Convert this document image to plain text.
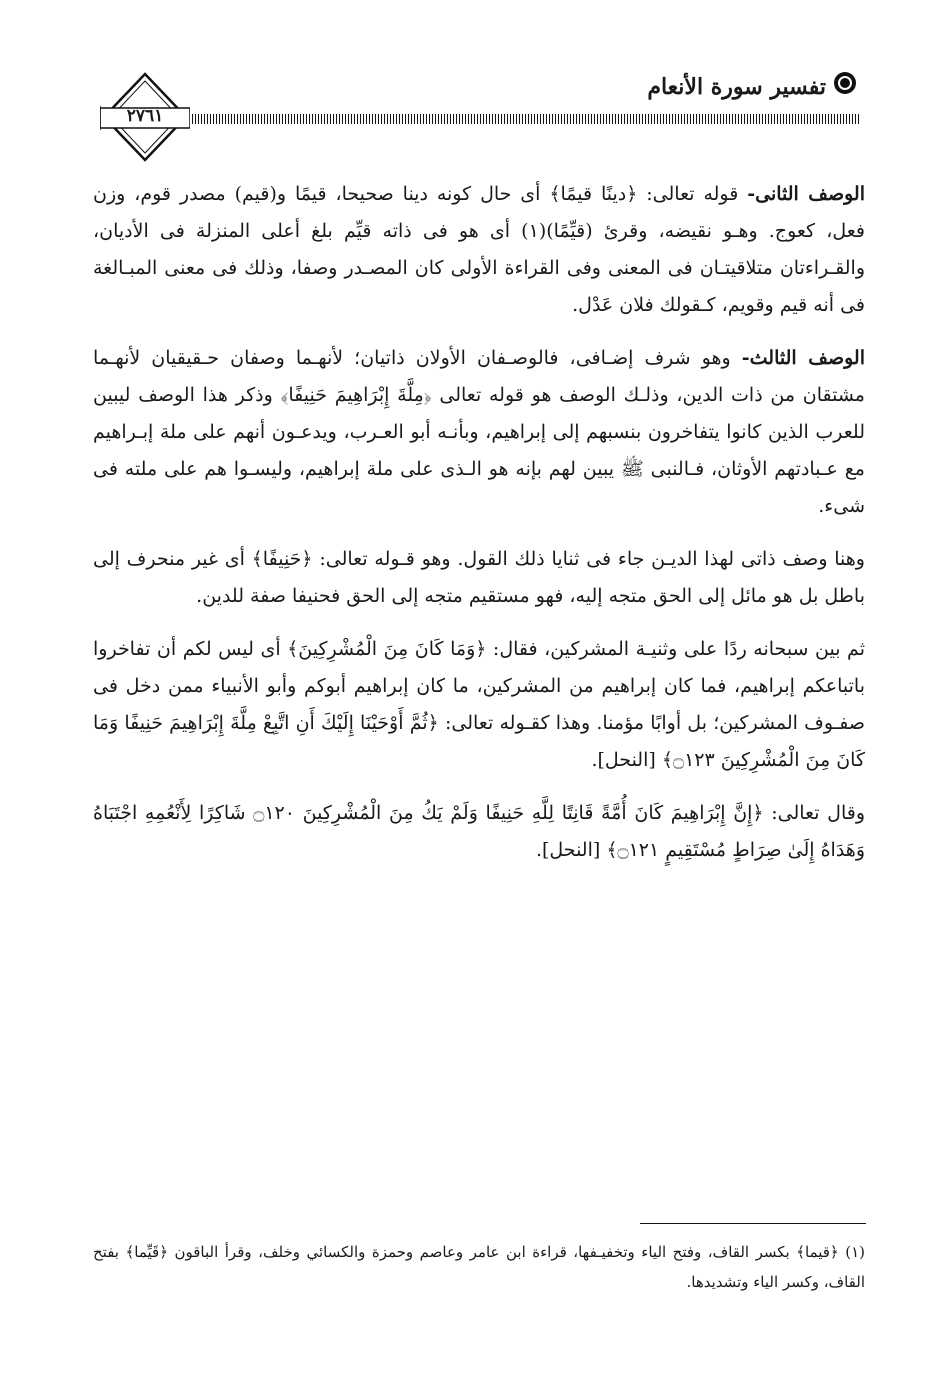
تفسير سورة الأنعام
٢٧٦١

الوصف الثانى- قوله تعالى: ﴿دينًا قيمًا﴾ أى حال كونه دينا صحيحا، قيمًا و(قيم) مصدر قوم، وزن فعل، كعوج. وهـو نقيضه، وقرئ (قيِّمًا)(١) أى هو فى ذاته قيِّم بلغ أعلى المنزلة فى الأديان، والقـراءتان متلاقيتـان فى المعنى وفى القراءة الأولى كان المصـدر وصفا، وذلك فى معنى المبـالغة فى أنه قيم وقويم، كـقولك فلان عَدْل.

الوصف الثالث- وهو شرف إضـافى، فالوصـفان الأولان ذاتيان؛ لأنهـما وصفان حـقيقيان لأنهـما مشتقان من ذات الدين، وذلـك الوصف هو قوله تعالى ﴿مِلَّةَ إِبْرَاهِيمَ حَنِيفًا﴾ وذكر هذا الوصف ليبين للعرب الذين كانوا يتفاخرون بنسبهم إلى إبراهيم، وبأنـه أبو العـرب، ويدعـون أنهم على ملة إبـراهيم مع عـبادتهم الأوثان، فـالنبى ﷺ يبين لهم بإنه هو الـذى على ملة إبراهيم، وليسـوا هم على ملته فى شىء.

وهنا وصف ذاتى لهذا الديـن جاء فى ثنايا ذلك القول. وهو قـوله تعالى: ﴿حَنِيفًا﴾ أى غير منحرف إلى باطل بل هو مائل إلى الحق متجه إليه، فهو مستقيم متجه إلى الحق فحنيفا صفة للدين.

ثم بين سبحانه ردًا على وثنيـة المشركين، فقال: ﴿وَمَا كَانَ مِنَ الْمُشْرِكِينَ﴾ أى ليس لكم أن تفاخروا باتباعكم إبراهيم، فما كان إبراهيم من المشركين، ما كان إبراهيم أبوكم وأبو الأنبياء ممن دخل فى صفـوف المشركين؛ بل أوابًا مؤمنا. وهذا كقـوله تعالى: ﴿ثُمَّ أَوْحَيْنَا إِلَيْكَ أَنِ اتَّبِعْ مِلَّةَ إِبْرَاهِيمَ حَنِيفًا وَمَا كَانَ مِنَ الْمُشْرِكِينَ ۝١٢٣﴾ [النحل].

وقال تعالى: ﴿إِنَّ إِبْرَاهِيمَ كَانَ أُمَّةً قَانِتًا لِلَّهِ حَنِيفًا وَلَمْ يَكُ مِنَ الْمُشْرِكِينَ ۝١٢٠ شَاكِرًا لِأَنْعُمِهِ اجْتَبَاهُ وَهَدَاهُ إِلَىٰ صِرَاطٍ مُسْتَقِيمٍ ۝١٢١﴾ [النحل].

(١) ﴿قيما﴾ بكسر القاف، وفتح الياء وتخفيـفها، قراءة ابن عامر وعاصم وحمزة والكسائي وخلف، وقرأ الباقون ﴿قَيِّما﴾ بفتح القاف، وكسر الياء وتشديدها.
